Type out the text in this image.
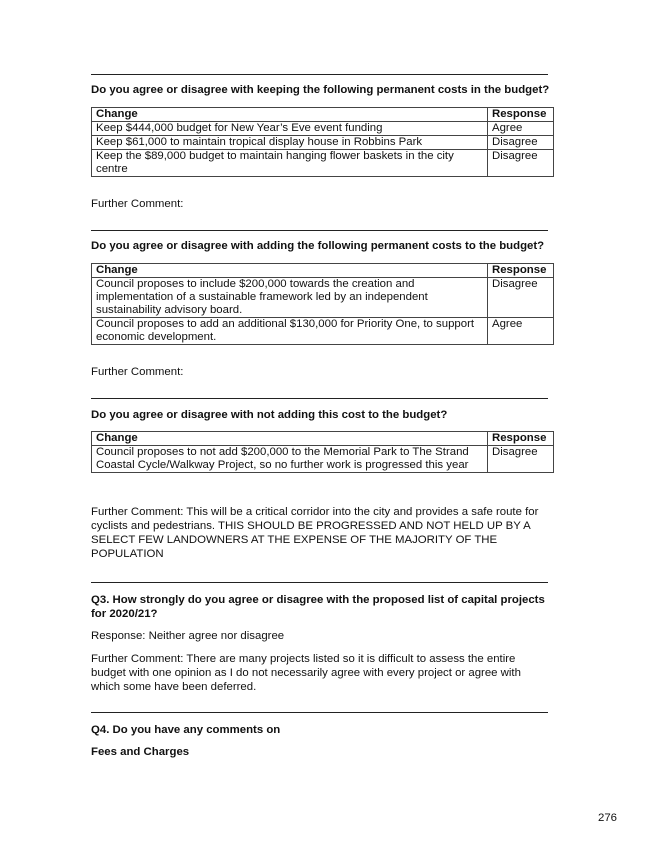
Do you agree or disagree with keeping the following permanent costs in the budget?
Change	Response
Keep $444,000 budget for New Year’s Eve event funding	Agree
Keep $61,000 to maintain tropical display house in Robbins Park	Disagree
Keep the $89,000 budget to maintain hanging flower baskets in the city centre	Disagree
Further Comment:
Do you agree or disagree with adding the following permanent costs to the budget?
Change	Response
Council proposes to include $200,000 towards the creation and implementation of a sustainable framework led by an independent sustainability advisory board.	Disagree
Council proposes to add an additional $130,000 for Priority One, to support economic development.	Agree
Further Comment:
Do you agree or disagree with not adding this cost to the budget?
Change	Response
Council proposes to not add $200,000 to the Memorial Park to The Strand Coastal Cycle/Walkway Project, so no further work is progressed this year	Disagree
Further Comment: This will be a critical corridor into the city and provides a safe route for cyclists and pedestrians. THIS SHOULD BE PROGRESSED AND NOT HELD UP BY A SELECT FEW LANDOWNERS AT THE EXPENSE OF THE MAJORITY OF THE POPULATION
Q3. How strongly do you agree or disagree with the proposed list of capital projects for 2020/21?
Response: Neither agree nor disagree
Further Comment: There are many projects listed so it is difficult to assess the entire budget with one opinion as I do not necessarily agree with every project or agree with which some have been deferred.
Q4. Do you have any comments on
Fees and Charges
276
